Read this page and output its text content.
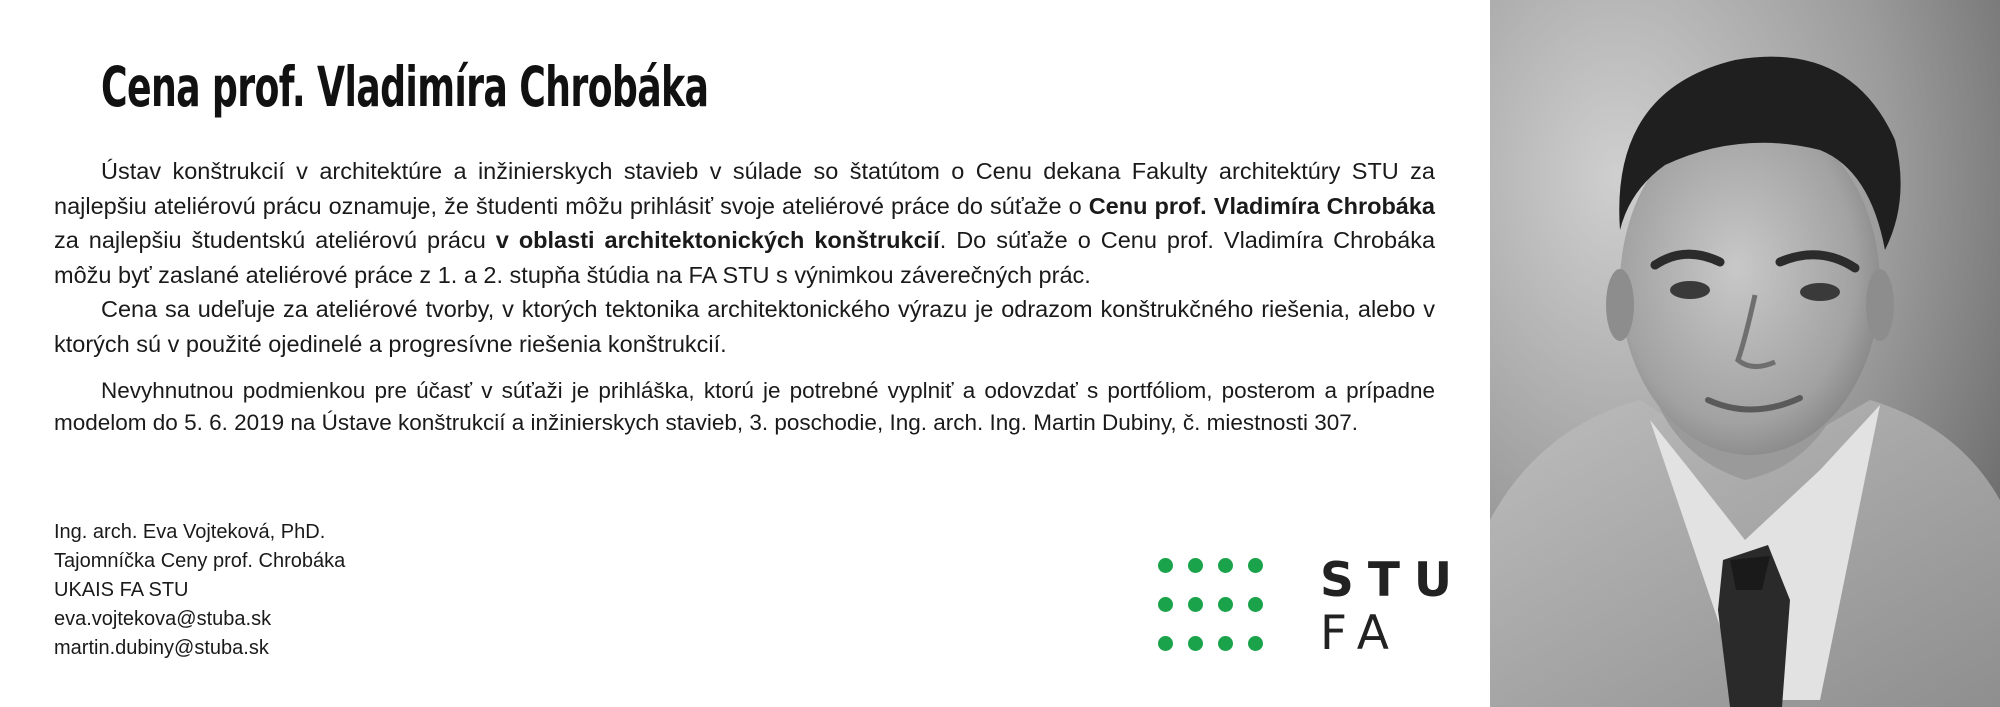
Cena prof. Vladimíra Chrobáka

Ústav konštrukcií v architektúre a inžinierskych stavieb v súlade so štatútom o Cenu dekana Fakulty architektúry STU za najlepšiu ateliérovú prácu oznamuje, že študenti môžu prihlásiť svoje ateliérové práce do súťaže o Cenu prof. Vladimíra Chrobáka za najlepšiu študentskú ateliérovú prácu v oblasti architektonických konštrukcií. Do súťaže o Cenu prof. Vladimíra Chrobáka môžu byť zaslané ateliérové práce z 1. a 2. stupňa štúdia na FA STU s výnimkou záverečných prác.

Cena sa udeľuje za ateliérové tvorby, v ktorých tektonika architektonického výrazu je odrazom konštrukčného riešenia, alebo v ktorých sú v použité ojedinelé a progresívne riešenia konštrukcií.

Nevyhnutnou podmienkou pre účasť v súťaži je prihláška, ktorú je potrebné vyplniť a odovzdať s portfóliom, posterom a prípadne modelom do 5. 6. 2019 na Ústave konštrukcií a inžinierskych stavieb, 3. poschodie, Ing. arch. Ing. Martin Dubiny, č. miestnosti 307.

Ing. arch. Eva Vojteková, PhD.
Tajomníčka Ceny prof. Chrobáka
UKAIS FA STU
eva.vojtekova@stuba.sk
martin.dubiny@stuba.sk
STU
FA
